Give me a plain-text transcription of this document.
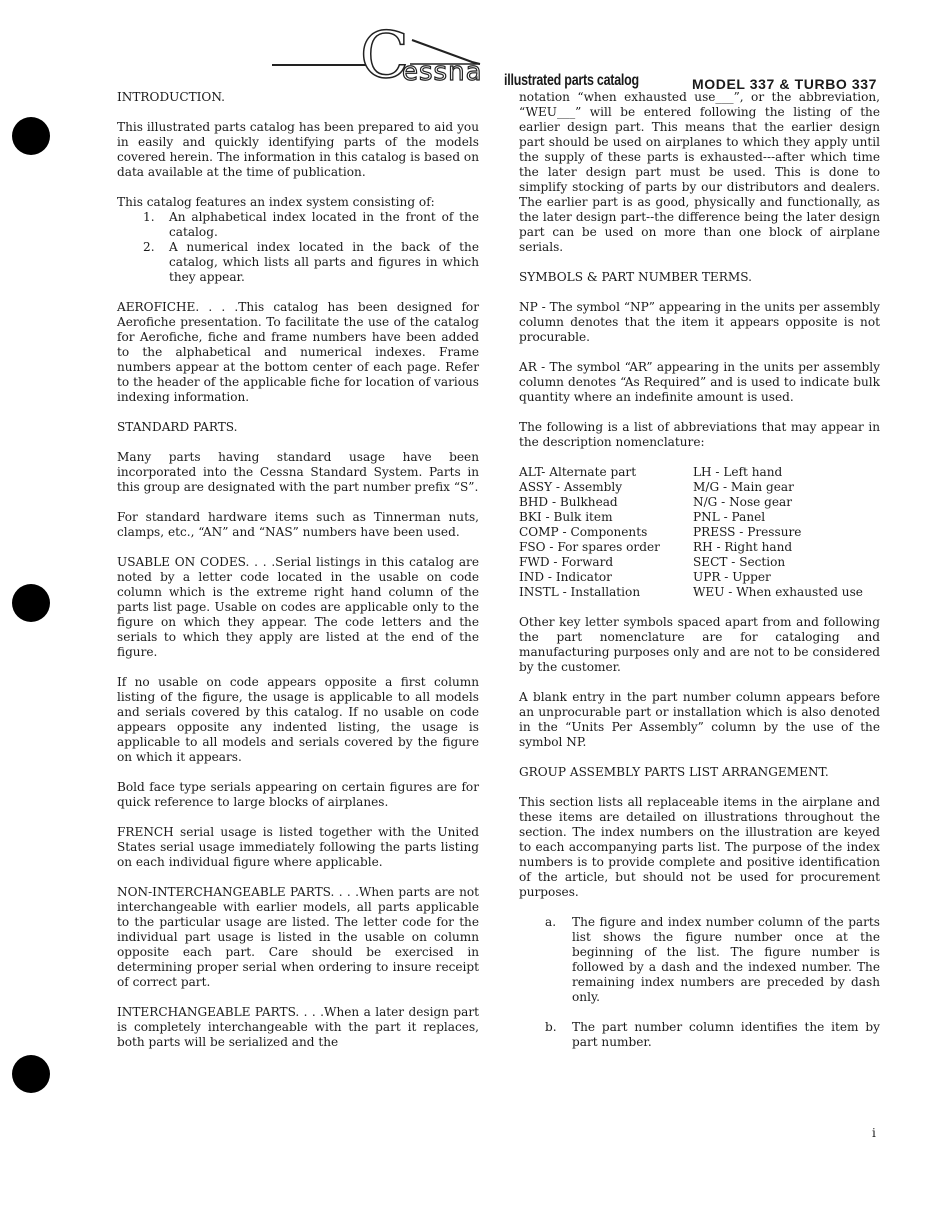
C
essna illustrated parts catalog	MODEL 337 & TURBO 337

INTRODUCTION.

This illustrated parts catalog has been prepared to aid you in easily and quickly identifying parts of the models covered herein. The information in this catalog is based on data available at the time of publication.

This catalog features an index system consisting of:

1. An alphabetical index located in the front of the catalog.
2. A numerical index located in the back of the catalog, which lists all parts and figures in which they appear.

AEROFICHE. . . .This catalog has been designed for Aerofiche presentation. To facilitate the use of the catalog for Aerofiche, fiche and frame numbers have been added to the alphabetical and numerical indexes. Frame numbers appear at the bottom center of each page. Refer to the header of the applicable fiche for location of various indexing information.

STANDARD PARTS.

Many parts having standard usage have been incorporated into the Cessna Standard System. Parts in this group are designated with the part number prefix “S”.

For standard hardware items such as Tinnerman nuts, clamps, etc., “AN” and “NAS” numbers have been used.

USABLE ON CODES. . . .Serial listings in this catalog are noted by a letter code located in the usable on code column which is the extreme right hand column of the parts list page. Usable on codes are applicable only to the figure on which they appear. The code letters and the serials to which they apply are listed at the end of the figure.

If no usable on code appears opposite a first column listing of the figure, the usage is applicable to all models and serials covered by this catalog. If no usable on code appears opposite any indented listing, the usage is applicable to all models and serials covered by the figure on which it appears.

Bold face type serials appearing on certain figures are for quick reference to large blocks of airplanes.

FRENCH serial usage is listed together with the United States serial usage immediately following the parts listing on each individual figure where applicable.

NON-INTERCHANGEABLE PARTS. . . .When parts are not interchangeable with earlier models, all parts applicable to the particular usage are listed. The letter code for the individual part usage is listed in the usable on column opposite each part. Care should be exercised in determining proper serial when ordering to insure receipt of correct part.

INTERCHANGEABLE PARTS. . . .When a later design part is completely interchangeable with the part it replaces, both parts will be serialized and the

notation “when exhausted use___”, or the abbreviation, “WEU___” will be entered following the listing of the earlier design part. This means that the earlier design part should be used on airplanes to which they apply until the supply of these parts is exhausted---after which time the later design part must be used. This is done to simplify stocking of parts by our distributors and dealers. The earlier part is as good, physically and functionally, as the later design part--the difference being the later design part can be used on more than one block of airplane serials.

SYMBOLS & PART NUMBER TERMS.

NP - The symbol “NP” appearing in the units per assembly column denotes that the item it appears opposite is not procurable.

AR - The symbol “AR” appearing in the units per assembly column denotes “As Required” and is used to indicate bulk quantity where an indefinite amount is used.

The following is a list of abbreviations that may appear in the description nomenclature:

ALT- Alternate part	LH - Left hand
ASSY - Assembly	M/G - Main gear
BHD - Bulkhead	N/G - Nose gear
BKI - Bulk item	PNL - Panel
COMP - Components	PRESS - Pressure
FSO - For spares order	RH - Right hand
FWD - Forward	SECT - Section
IND - Indicator	UPR - Upper
INSTL - Installation	WEU - When exhausted use

Other key letter symbols spaced apart from and following the part nomenclature are for cataloging and manufacturing purposes only and are not to be considered by the customer.

A blank entry in the part number column appears before an unprocurable part or installation which is also denoted in the “Units Per Assembly” column by the use of the symbol NP.

GROUP ASSEMBLY PARTS LIST ARRANGEMENT.

This section lists all replaceable items in the airplane and these items are detailed on illustrations throughout the section. The index numbers on the illustration are keyed to each accompanying parts list. The purpose of the index numbers is to provide complete and positive identification of the article, but should not be used for procurement purposes.

a. The figure and index number column of the parts list shows the figure number once at the beginning of the list. The figure number is followed by a dash and the indexed number. The remaining index numbers are preceded by dash only.
b. The part number column identifies the item by part number.
i
